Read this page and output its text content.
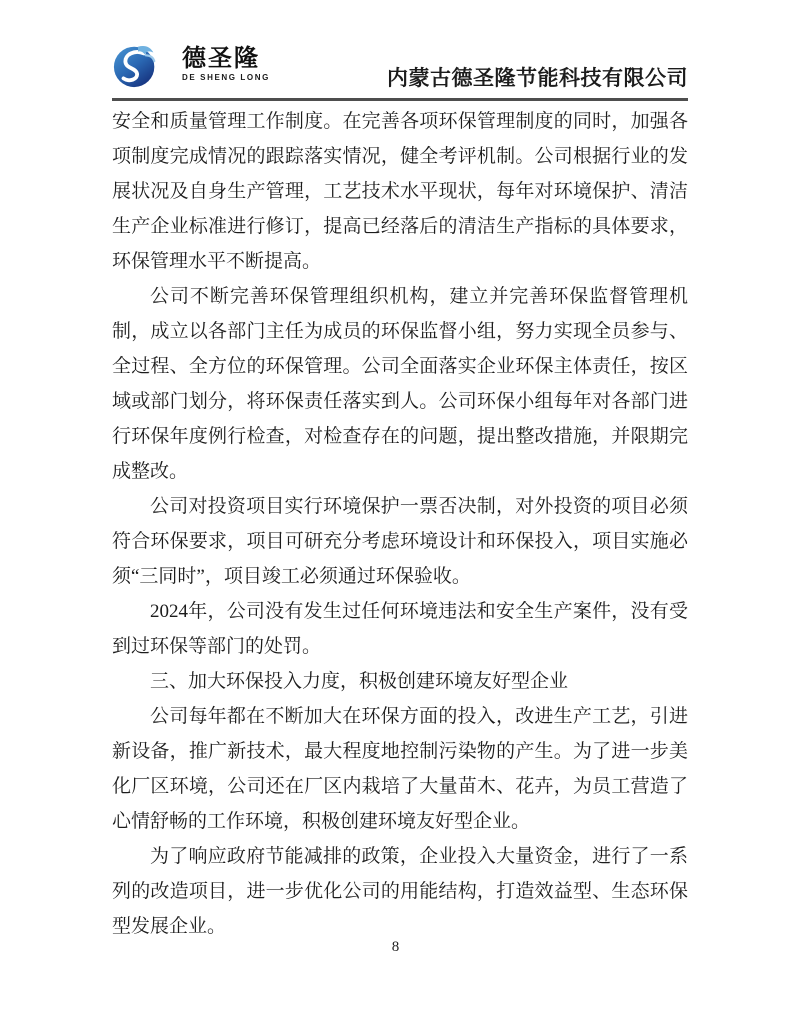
德圣隆
DE SHENG LONG	内蒙古德圣隆节能科技有限公司

安全和质量管理工作制度。在完善各项环保管理制度的同时，加强各项制度完成情况的跟踪落实情况，健全考评机制。公司根据行业的发展状况及自身生产管理，工艺技术水平现状，每年对环境保护、清洁生产企业标准进行修订，提高已经落后的清洁生产指标的具体要求，环保管理水平不断提高。

公司不断完善环保管理组织机构，建立并完善环保监督管理机制，成立以各部门主任为成员的环保监督小组，努力实现全员参与、全过程、全方位的环保管理。公司全面落实企业环保主体责任，按区域或部门划分，将环保责任落实到人。公司环保小组每年对各部门进行环保年度例行检查，对检查存在的问题，提出整改措施，并限期完成整改。

公司对投资项目实行环境保护一票否决制，对外投资的项目必须符合环保要求，项目可研充分考虑环境设计和环保投入，项目实施必须“三同时”，项目竣工必须通过环保验收。

2024年，公司没有发生过任何环境违法和安全生产案件，没有受到过环保等部门的处罚。

三、加大环保投入力度，积极创建环境友好型企业

公司每年都在不断加大在环保方面的投入，改进生产工艺，引进新设备，推广新技术，最大程度地控制污染物的产生。为了进一步美化厂区环境，公司还在厂区内栽培了大量苗木、花卉，为员工营造了心情舒畅的工作环境，积极创建环境友好型企业。

为了响应政府节能减排的政策，企业投入大量资金，进行了一系列的改造项目，进一步优化公司的用能结构，打造效益型、生态环保型发展企业。

8
